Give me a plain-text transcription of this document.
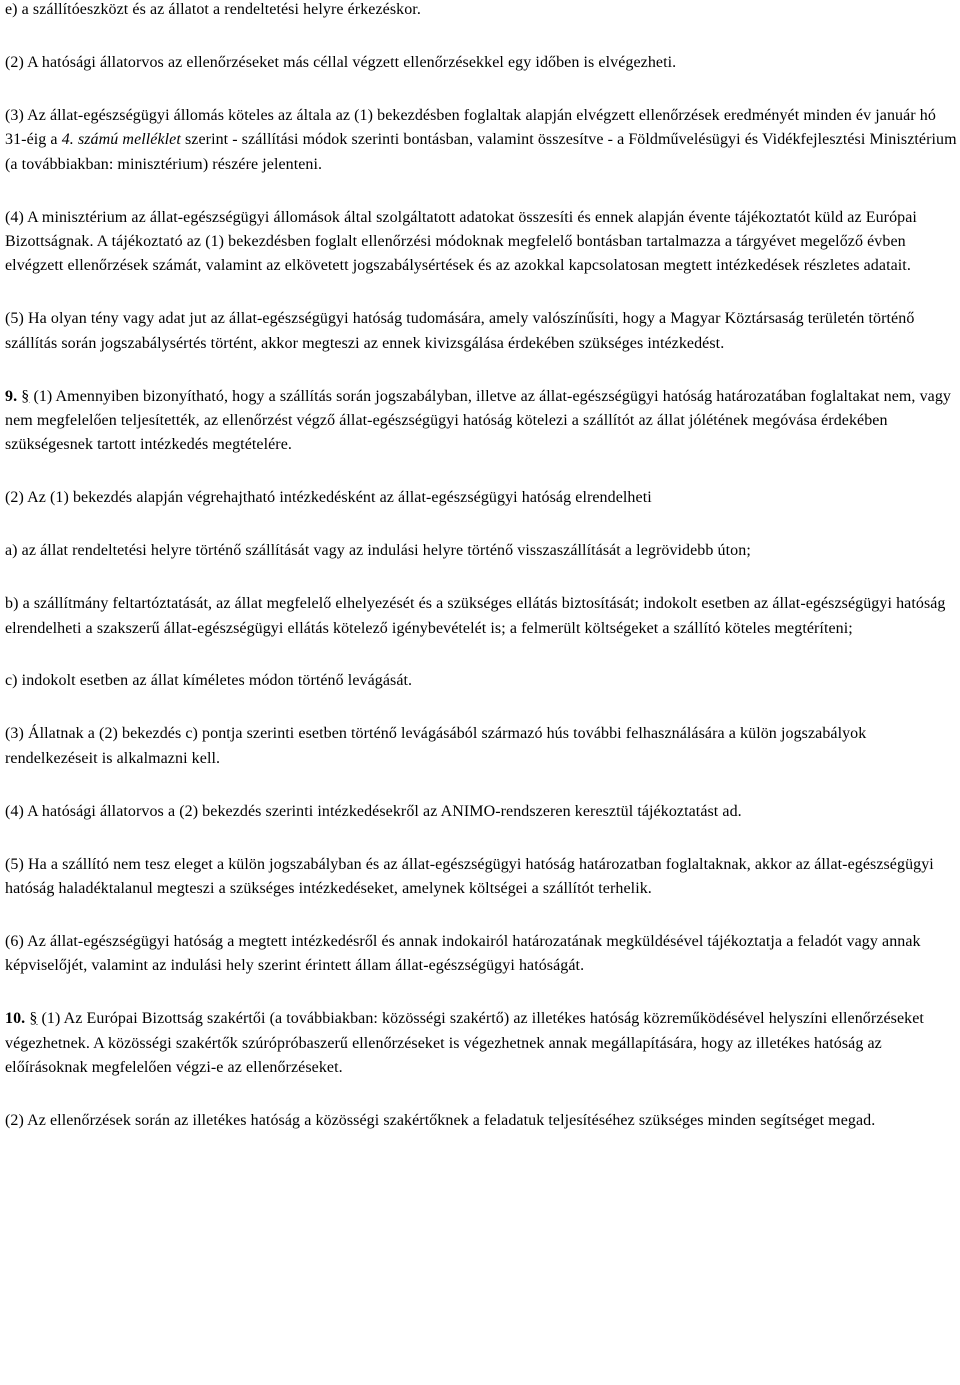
e) a szállítóeszközt és az állatot a rendeltetési helyre érkezéskor.

(2) A hatósági állatorvos az ellenőrzéseket más céllal végzett ellenőrzésekkel egy időben is elvégezheti.

(3) Az állat-egészségügyi állomás köteles az általa az (1) bekezdésben foglaltak alapján elvégzett ellenőrzések eredményét minden év január hó 31-éig a 4. számú melléklet szerint - szállítási módok szerinti bontásban, valamint összesítve - a Földművelésügyi és Vidékfejlesztési Minisztérium (a továbbiakban: minisztérium) részére jelenteni.

(4) A minisztérium az állat-egészségügyi állomások által szolgáltatott adatokat összesíti és ennek alapján évente tájékoztatót küld az Európai Bizottságnak. A tájékoztató az (1) bekezdésben foglalt ellenőrzési módoknak megfelelő bontásban tartalmazza a tárgyévet megelőző évben elvégzett ellenőrzések számát, valamint az elkövetett jogszabálysértések és az azokkal kapcsolatosan megtett intézkedések részletes adatait.

(5) Ha olyan tény vagy adat jut az állat-egészségügyi hatóság tudomására, amely valószínűsíti, hogy a Magyar Köztársaság területén történő szállítás során jogszabálysértés történt, akkor megteszi az ennek kivizsgálása érdekében szükséges intézkedést.

9. § (1) Amennyiben bizonyítható, hogy a szállítás során jogszabályban, illetve az állat-egészségügyi hatóság határozatában foglaltakat nem, vagy nem megfelelően teljesítették, az ellenőrzést végző állat-egészségügyi hatóság kötelezi a szállítót az állat jólétének megóvása érdekében szükségesnek tartott intézkedés megtételére.

(2) Az (1) bekezdés alapján végrehajtható intézkedésként az állat-egészségügyi hatóság elrendelheti

a) az állat rendeltetési helyre történő szállítását vagy az indulási helyre történő visszaszállítását a legrövidebb úton;

b) a szállítmány feltartóztatását, az állat megfelelő elhelyezését és a szükséges ellátás biztosítását; indokolt esetben az állat-egészségügyi hatóság elrendelheti a szakszerű állat-egészségügyi ellátás kötelező igénybevételét is; a felmerült költségeket a szállító köteles megtéríteni;

c) indokolt esetben az állat kíméletes módon történő levágását.

(3) Állatnak a (2) bekezdés c) pontja szerinti esetben történő levágásából származó hús további felhasználására a külön jogszabályok rendelkezéseit is alkalmazni kell.

(4) A hatósági állatorvos a (2) bekezdés szerinti intézkedésekről az ANIMO-rendszeren keresztül tájékoztatást ad.

(5) Ha a szállító nem tesz eleget a külön jogszabályban és az állat-egészségügyi hatóság határozatban foglaltaknak, akkor az állat-egészségügyi hatóság haladéktalanul megteszi a szükséges intézkedéseket, amelynek költségei a szállítót terhelik.

(6) Az állat-egészségügyi hatóság a megtett intézkedésről és annak indokairól határozatának megküldésével tájékoztatja a feladót vagy annak képviselőjét, valamint az indulási hely szerint érintett állam állat-egészségügyi hatóságát.

10. § (1) Az Európai Bizottság szakértői (a továbbiakban: közösségi szakértő) az illetékes hatóság közreműködésével helyszíni ellenőrzéseket végezhetnek. A közösségi szakértők szúrópróbaszerű ellenőrzéseket is végezhetnek annak megállapítására, hogy az illetékes hatóság az előírásoknak megfelelően végzi-e az ellenőrzéseket.

(2) Az ellenőrzések során az illetékes hatóság a közösségi szakértőknek a feladatuk teljesítéséhez szükséges minden segítséget megad.
